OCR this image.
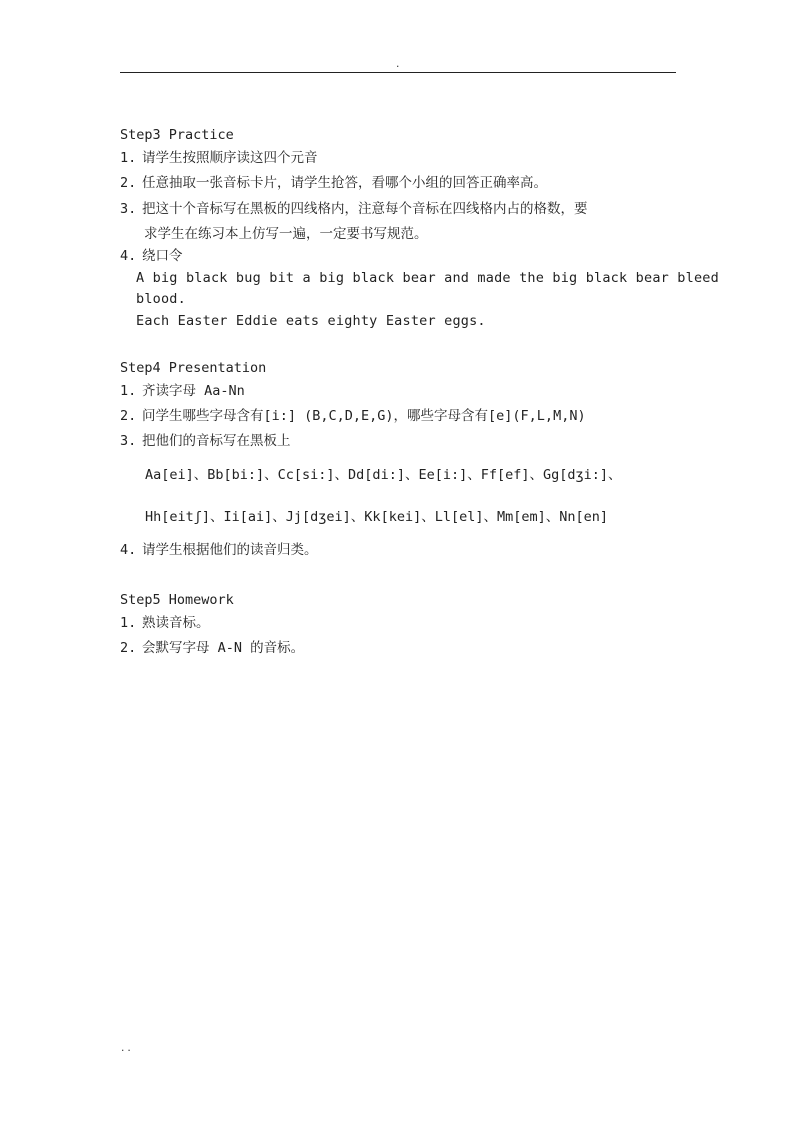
.
Step3 Practice
1. 请学生按照顺序读这四个元音
2. 任意抽取一张音标卡片，请学生抢答，看哪个小组的回答正确率高。
3. 把这十个音标写在黑板的四线格内，注意每个音标在四线格内占的格数，要
求学生在练习本上仿写一遍，一定要书写规范。
4. 绕口令
A big black bug bit a big black bear and made the big black bear bleed
blood.
Each Easter Eddie eats eighty Easter eggs.
Step4 Presentation
1. 齐读字母 Aa-Nn
2. 问学生哪些字母含有[i:] (B,C,D,E,G)，哪些字母含有[e](F,L,M,N)
3. 把他们的音标写在黑板上
Aa[ei]、Bb[bi:]、Cc[si:]、Dd[di:]、Ee[i:]、Ff[ef]、Gg[dʒi:]、
Hh[eitʃ]、Ii[ai]、Jj[dʒei]、Kk[kei]、Ll[el]、Mm[em]、Nn[en]
4. 请学生根据他们的读音归类。
Step5 Homework
1. 熟读音标。
2. 会默写字母 A-N 的音标。
..
